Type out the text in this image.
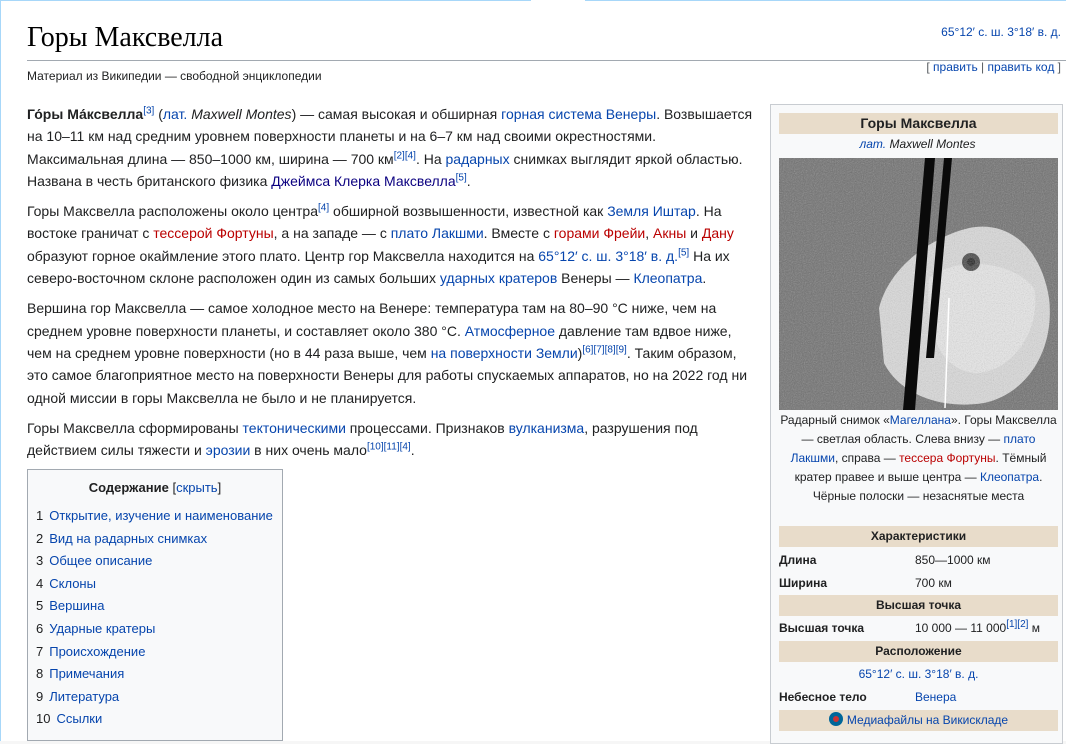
Горы Максвелла	65°12′ с. ш. 3°18′ в. д.
Материал из Википедии — свободной энциклопедии
[ править | править код ]

Го́ры Ма́ксвелла[3] (лат. Maxwell Montes) — самая высокая и обширная горная система Венеры. Возвышается на 10–11 км над средним уровнем поверхности планеты и на 6–7 км над своими окрестностями. Максимальная длина — 850–1000 км, ширина — 700 км[2][4]. На радарных снимках выглядит яркой областью. Названа в честь британского физика Джеймса Клерка Максвелла[5].

Горы Максвелла расположены около центра[4] обширной возвышенности, известной как Земля Иштар. На востоке граничат с тессерой Фортуны, а на западе — с плато Лакшми. Вместе с горами Фрейи, Акны и Дану образуют горное окаймление этого плато. Центр гор Максвелла находится на 65°12′ с. ш. 3°18′ в. д.[5] На их северо-восточном склоне расположен один из самых больших ударных кратеров Венеры — Клеопатра.

Вершина гор Максвелла — самое холодное место на Венере: температура там на 80–90 °C ниже, чем на среднем уровне поверхности планеты, и составляет около 380 °C. Атмосферное давление там вдвое ниже, чем на среднем уровне поверхности (но в 44 раза выше, чем на поверхности Земли)[6][7][8][9]. Таким образом, это самое благоприятное место на поверхности Венеры для работы спускаемых аппаратов, но на 2022 год ни одной миссии в горы Максвелла не было и не планируется.

Горы Максвелла сформированы тектоническими процессами. Признаков вулканизма, разрушения под действием силы тяжести и эрозии в них очень мало[10][11][4].

Содержание [скрыть]
1 Открытие, изучение и наименование
2 Вид на радарных снимках
3 Общее описание
4 Склоны
5 Вершина
6 Ударные кратеры
7 Происхождение
8 Примечания
9 Литература
10 Ссылки
Горы Максвелла
лат. Maxwell Montes
Радарный снимок «Магеллана». Горы Максвелла — светлая область. Слева внизу — плато Лакшми, справа — тессера Фортуны. Тёмный кратер правее и выше центра — Клеопатра. Чёрные полоски — незаснятые места
Характеристики
Длина	850—1000 км
Ширина	700 км
Высшая точка
Высшая точка	10 000 — 11 000[1][2] м
Расположение
65°12′ с. ш. 3°18′ в. д.
Небесное тело	Венера
Медиафайлы на Викискладе
